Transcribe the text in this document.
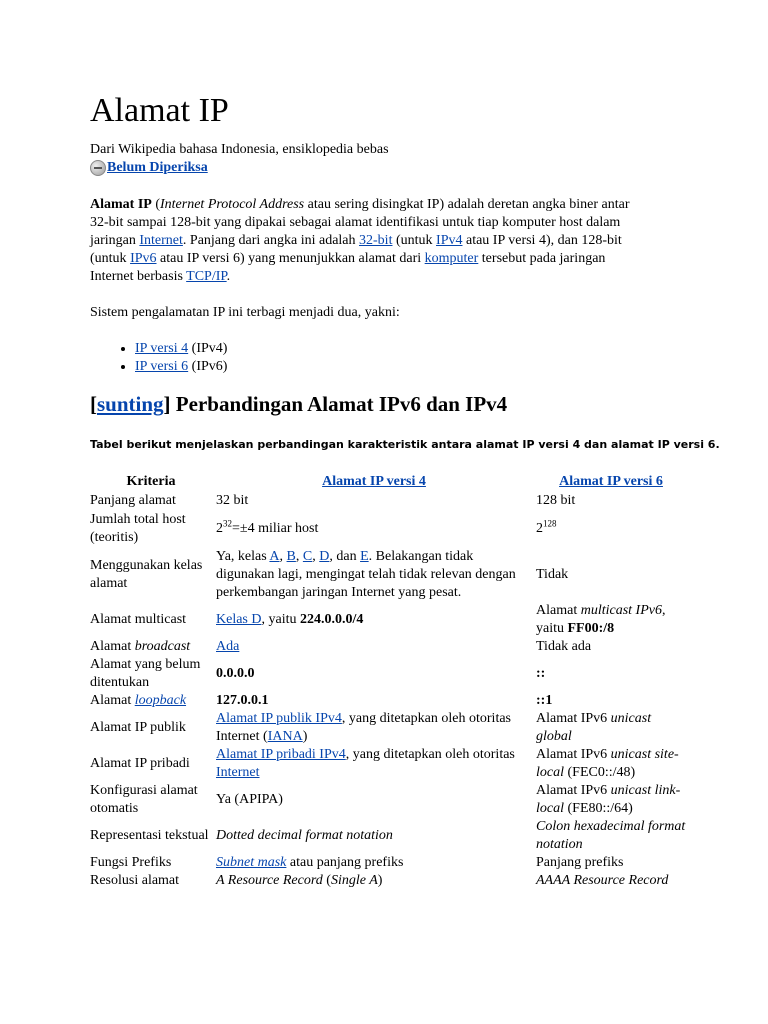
Alamat IP
Dari Wikipedia bahasa Indonesia, ensiklopedia bebas
Belum Diperiksa
Alamat IP (Internet Protocol Address atau sering disingkat IP) adalah deretan angka biner antar 32-bit sampai 128-bit yang dipakai sebagai alamat identifikasi untuk tiap komputer host dalam jaringan Internet. Panjang dari angka ini adalah 32-bit (untuk IPv4 atau IP versi 4), dan 128-bit (untuk IPv6 atau IP versi 6) yang menunjukkan alamat dari komputer tersebut pada jaringan Internet berbasis TCP/IP.
Sistem pengalamatan IP ini terbagi menjadi dua, yakni:
• IP versi 4 (IPv4)
• IP versi 6 (IPv6)
[sunting] Perbandingan Alamat IPv6 dan IPv4
Tabel berikut menjelaskan perbandingan karakteristik antara alamat IP versi 4 dan alamat IP versi 6.
Kriteria	Alamat IP versi 4	Alamat IP versi 6
Panjang alamat	32 bit	128 bit
Jumlah total host (teoritis)	$2^{32}=\pm 4$ miliar host	$2^{128}$
Menggunakan kelas alamat	Ya, kelas A, B, C, D, dan E. Belakangan tidak digunakan lagi, mengingat telah tidak relevan dengan perkembangan jaringan Internet yang pesat.	Tidak
Alamat multicast	Kelas D, yaitu 224.0.0.0/4	Alamat multicast IPv6, yaitu FF00:/8
Alamat broadcast	Ada	Tidak ada
Alamat yang belum ditentukan	0.0.0.0	::
Alamat loopback	127.0.0.1	::1
Alamat IP publik	Alamat IP publik IPv4, yang ditetapkan oleh otoritas Internet (IANA)	Alamat IPv6 unicast global
Alamat IP pribadi	Alamat IP pribadi IPv4, yang ditetapkan oleh otoritas Internet	Alamat IPv6 unicast site-local (FEC0::/48)
Konfigurasi alamat otomatis	Ya (APIPA)	Alamat IPv6 unicast link-local (FE80::/64)
Representasi tekstual	Dotted decimal format notation	Colon hexadecimal format notation
Fungsi Prefiks	Subnet mask atau panjang prefiks	Panjang prefiks
Resolusi alamat	A Resource Record (Single A)	AAAA Resource Record
